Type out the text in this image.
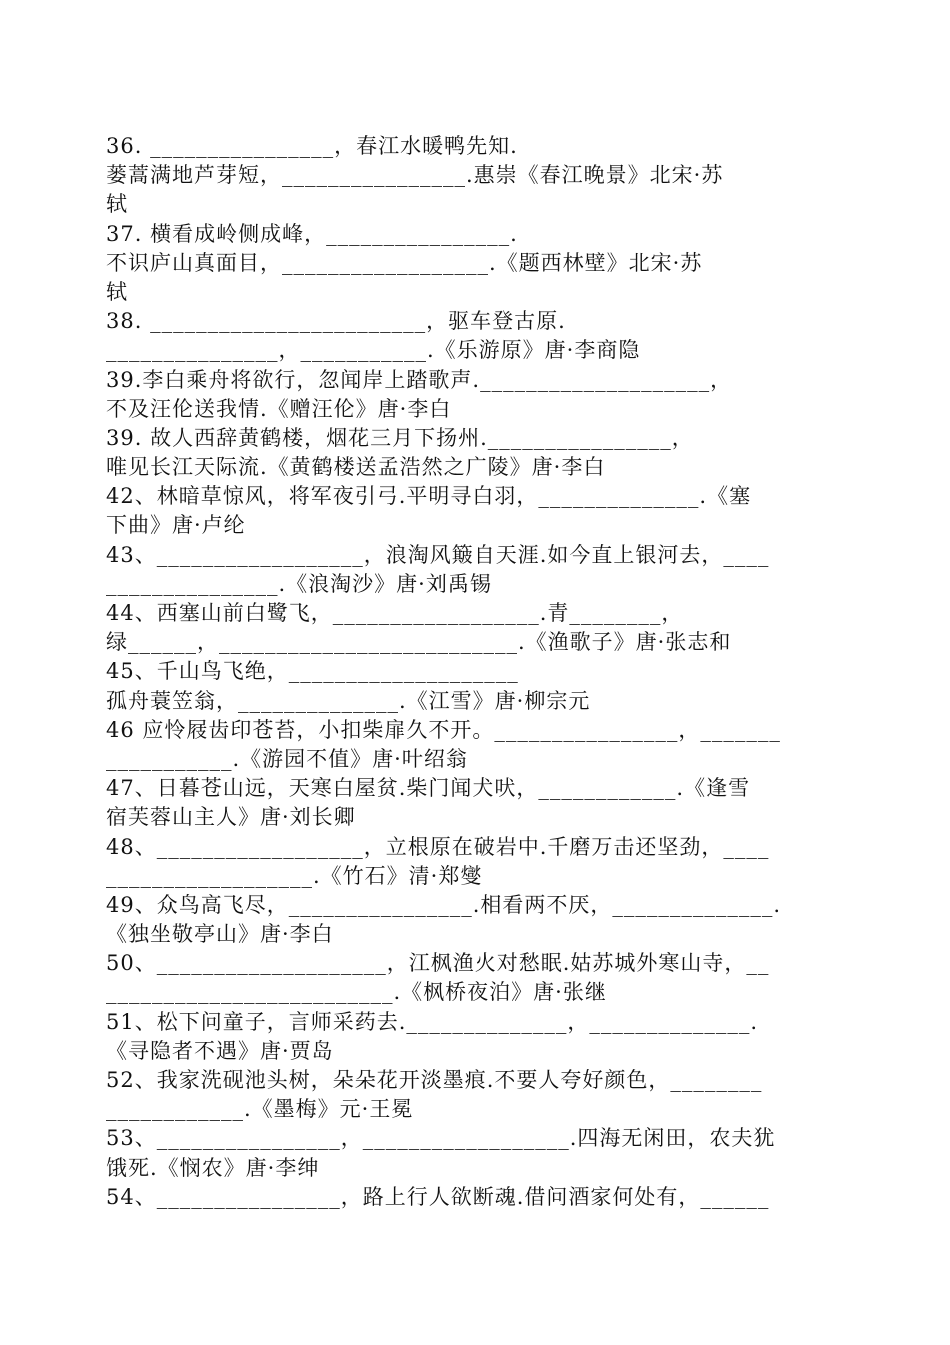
36. ________________，春江水暖鸭先知.
蒌蒿满地芦芽短，________________.惠崇《春江晚景》北宋·苏
轼
37. 横看成岭侧成峰，________________.
不识庐山真面目，__________________.《题西林壁》北宋·苏
轼
38. ________________________，驱车登古原.
_______________，___________.《乐游原》唐·李商隐
39.李白乘舟将欲行，忽闻岸上踏歌声.____________________，
不及汪伦送我情.《赠汪伦》唐·李白
39. 故人西辞黄鹤楼，烟花三月下扬州.________________，
唯见长江天际流.《黄鹤楼送孟浩然之广陵》唐·李白
42、林暗草惊风，将军夜引弓.平明寻白羽，______________.《塞
下曲》唐·卢纶
43、__________________，浪淘风簸自天涯.如今直上银河去，____
_______________.《浪淘沙》唐·刘禹锡
44、西塞山前白鹭飞，__________________.青________，
绿______，__________________________.《渔歌子》唐·张志和
45、千山鸟飞绝，____________________
孤舟蓑笠翁，______________.《江雪》唐·柳宗元
46 应怜屐齿印苍苔，小扣柴扉久不开。________________，_______
___________.《游园不值》唐·叶绍翁
47、日暮苍山远，天寒白屋贫.柴门闻犬吠，____________.《逢雪
宿芙蓉山主人》唐·刘长卿
48、__________________，立根原在破岩中.千磨万击还坚劲，____
__________________.《竹石》清·郑燮
49、众鸟高飞尽，________________.相看两不厌，______________.
《独坐敬亭山》唐·李白
50、____________________，江枫渔火对愁眠.姑苏城外寒山寺，__
_________________________.《枫桥夜泊》唐·张继
51、松下问童子，言师采药去.______________，______________.
《寻隐者不遇》唐·贾岛
52、我家洗砚池头树，朵朵花开淡墨痕.不要人夸好颜色，________
____________.《墨梅》元·王冕
53、________________，__________________.四海无闲田，农夫犹
饿死.《悯农》唐·李绅
54、________________，路上行人欲断魂.借问酒家何处有，______
